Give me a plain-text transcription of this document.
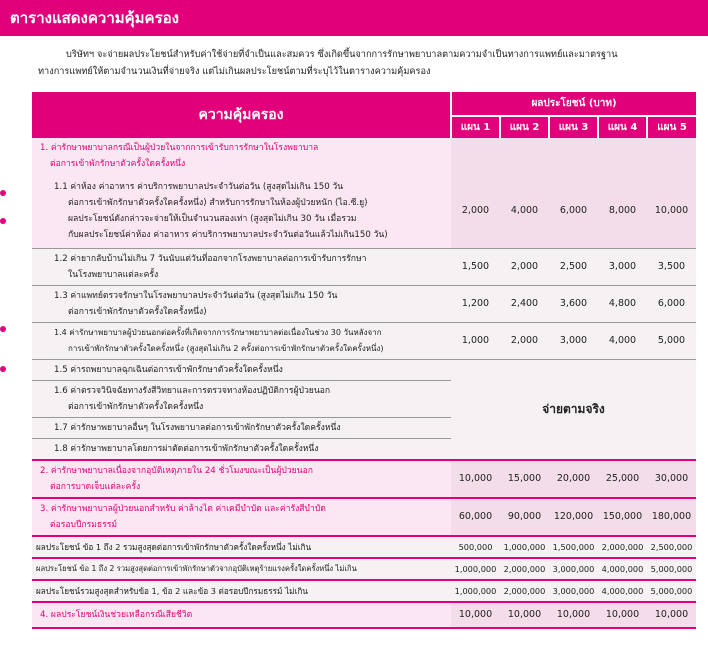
ตารางแสดงความคุ้มครอง
บริษัทฯ จะจ่ายผลประโยชน์สำหรับค่าใช้จ่ายที่จำเป็นและสมควร ซึ่งเกิดขึ้นจากการรักษาพยาบาลตามความจำเป็นทางการแพทย์และมาตรฐาน
ทางการแพทย์ให้ตามจำนวนเงินที่จ่ายจริง แต่ไม่เกินผลประโยชน์ตามที่ระบุไว้ในตารางความคุ้มครอง
ความคุ้มครอง	ผลประโยชน์ (บาท)				
	แผน 1	แผน 2	แผน 3	แผน 4	แผน 5

1. ค่ารักษาพยาบาลกรณีเป็นผู้ป่วยในจากการเข้ารับการรักษาในโรงพยาบาล
ต่อการเข้าพักรักษาตัวครั้งใดครั้งหนึ่ง					

1.1 ค่าห้อง ค่าอาหาร ค่าบริการพยาบาลประจำวันต่อวัน (สูงสุดไม่เกิน 150 วัน
ต่อการเข้าพักรักษาตัวครั้งใดครั้งหนึ่ง) สำหรับการรักษาในห้องผู้ป่วยหนัก (ไอ.ซี.ยู)
ผลประโยชน์ดังกล่าวจะจ่ายให้เป็นจำนวนสองเท่า (สูงสุดไม่เกิน 30 วัน เมื่อรวม
กับผลประโยชน์ค่าห้อง ค่าอาหาร ค่าบริการพยาบาลประจำวันต่อวันแล้วไม่เกิน150 วัน)	2,000	4,000	6,000	8,000	10,000

1.2 ค่ายากลับบ้านไม่เกิน 7 วันนับแต่วันที่ออกจากโรงพยาบาลต่อการเข้ารับการรักษา
ในโรงพยาบาลแต่ละครั้ง	1,500	2,000	2,500	3,000	3,500

1.3 ค่าแพทย์ตรวจรักษาในโรงพยาบาลประจำวันต่อวัน (สูงสุดไม่เกิน 150 วัน
ต่อการเข้าพักรักษาตัวครั้งใดครั้งหนึ่ง)	1,200	2,400	3,600	4,800	6,000

1.4 ค่ารักษาพยาบาลผู้ป่วยนอกต่อครั้งที่เกิดจากการรักษาพยาบาลต่อเนื่องในช่วง 30 วันหลังจาก
การเข้าพักรักษาตัวครั้งใดครั้งหนึ่ง (สูงสุดไม่เกิน 2 ครั้งต่อการเข้าพักรักษาตัวครั้งใดครั้งหนึ่ง)	1,000	2,000	3,000	4,000	5,000
1.5 ค่ารถพยาบาลฉุกเฉินต่อการเข้าพักรักษาตัวครั้งใดครั้งหนึ่ง	จ่ายตามจริง				

1.6 ค่าตรวจวินิจฉัยทางรังสีวิทยาและการตรวจทางห้องปฏิบัติการผู้ป่วยนอก
ต่อการเข้าพักรักษาตัวครั้งใดครั้งหนึ่ง					

1.7 ค่ารักษาพยาบาลอื่นๆ ในโรงพยาบาลต่อการเข้าพักรักษาตัวครั้งใดครั้งหนึ่ง					
1.8 ค่ารักษาพยาบาลโดยการผ่าตัดต่อการเข้าพักรักษาตัวครั้งใดครั้งหนึ่ง					

2. ค่ารักษาพยาบาลเนื่องจากอุบัติเหตุภายใน 24 ชั่วโมงขณะเป็นผู้ป่วยนอก
ต่อการบาดเจ็บแต่ละครั้ง	10,000	15,000	20,000	25,000	30,000

3. ค่ารักษาพยาบาลผู้ป่วยนอกสำหรับ ค่าล้างไต ค่าเคมีบำบัด และค่ารังสีบำบัด
ต่อรอบปีกรมธรรม์	60,000	90,000	120,000	150,000	180,000
ผลประโยชน์ ข้อ 1 ถึง 2 รวมสูงสุดต่อการเข้าพักรักษาตัวครั้งใดครั้งหนึ่ง ไม่เกิน	500,000	1,000,000	1,500,000	2,000,000	2,500,000
ผลประโยชน์ ข้อ 1 ถึง 2 รวมสูงสุดต่อการเข้าพักรักษาตัวจากอุบัติเหตุร้ายแรงครั้งใดครั้งหนึ่ง ไม่เกิน	1,000,000	2,000,000	3,000,000	4,000,000	5,000,000
ผลประโยชน์รวมสูงสุดสำหรับข้อ 1, ข้อ 2 และข้อ 3 ต่อรอบปีกรมธรรม์ ไม่เกิน	1,000,000	2,000,000	3,000,000	4,000,000	5,000,000
4. ผลประโยชน์เงินช่วยเหลือกรณีเสียชีวิต	10,000	10,000	10,000	10,000	10,000
